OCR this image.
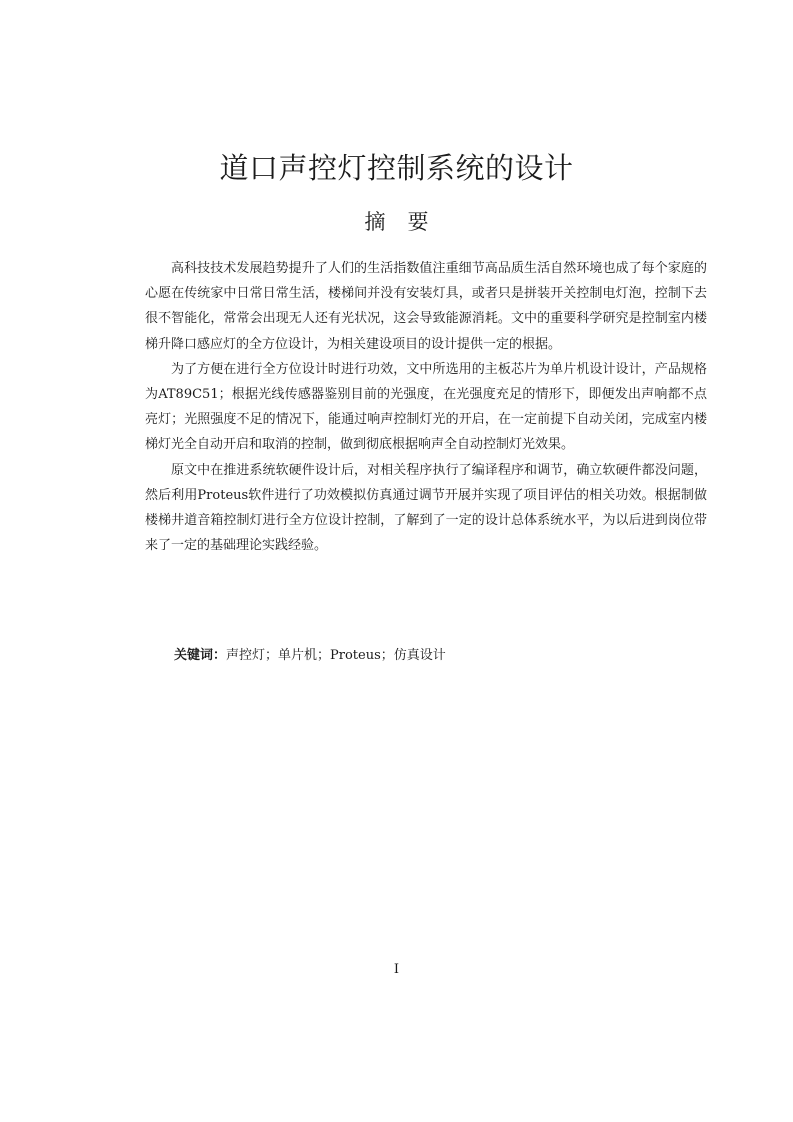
道口声控灯控制系统的设计
摘要

高科技技术发展趋势提升了人们的生活指数值注重细节高品质生活自然环境也成了每个家庭的心愿在传统家中日常日常生活，楼梯间并没有安装灯具，或者只是拼装开关控制电灯泡，控制下去很不智能化，常常会出现无人还有光状况，这会导致能源消耗。文中的重要科学研究是控制室内楼梯升降口感应灯的全方位设计，为相关建设项目的设计提供一定的根据。

为了方便在进行全方位设计时进行功效，文中所选用的主板芯片为单片机设计设计，产品规格为AT89C51；根据光线传感器鉴别目前的光强度，在光强度充足的情形下，即便发出声响都不点亮灯；光照强度不足的情况下，能通过响声控制灯光的开启，在一定前提下自动关闭，完成室内楼梯灯光全自动开启和取消的控制，做到彻底根据响声全自动控制灯光效果。

原文中在推进系统软硬件设计后，对相关程序执行了编译程序和调节，确立软硬件都没问题，然后利用Proteus软件进行了功效模拟仿真通过调节开展并实现了项目评估的相关功效。根据制做楼梯井道音箱控制灯进行全方位设计控制，了解到了一定的设计总体系统水平，为以后进到岗位带来了一定的基础理论实践经验。

关键词：声控灯；单片机；Proteus；仿真设计
I
